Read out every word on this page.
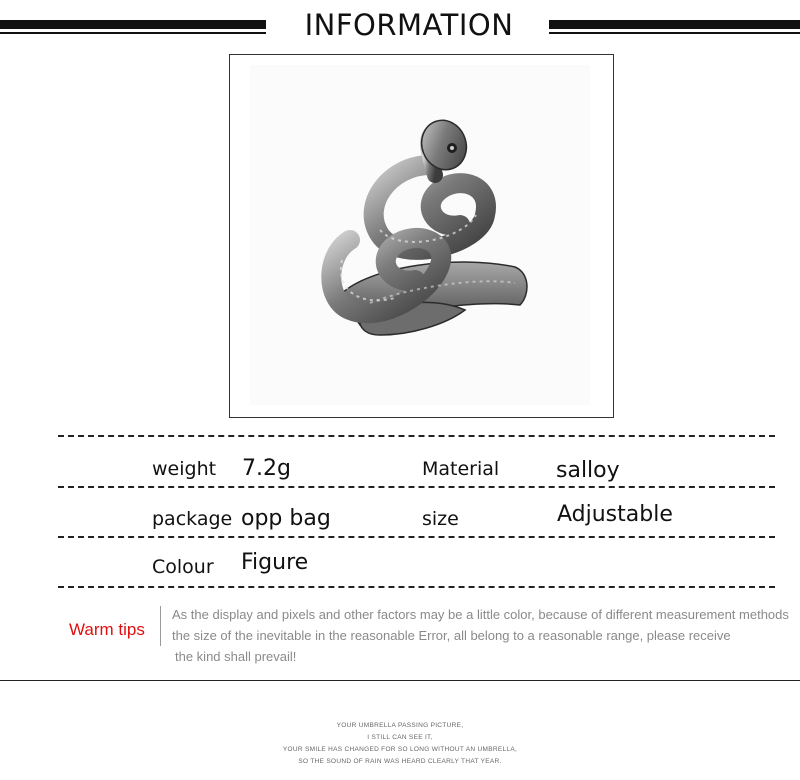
INFORMATION
weight 7.2g	Material	salloy
package opp bag	size	Adjustable
Colour Figure
Warm tips
As the display and pixels and other factors may be a little color, because of different measurement methods
the size of the inevitable in the reasonable Error, all belong to a reasonable range, please receive
the kind shall prevail!
YOUR UMBRELLA PASSING PICTURE,
I STILL CAN SEE IT,
YOUR SMILE HAS CHANGED FOR SO LONG WITHOUT AN UMBRELLA,
SO THE SOUND OF RAIN WAS HEARD CLEARLY THAT YEAR.
